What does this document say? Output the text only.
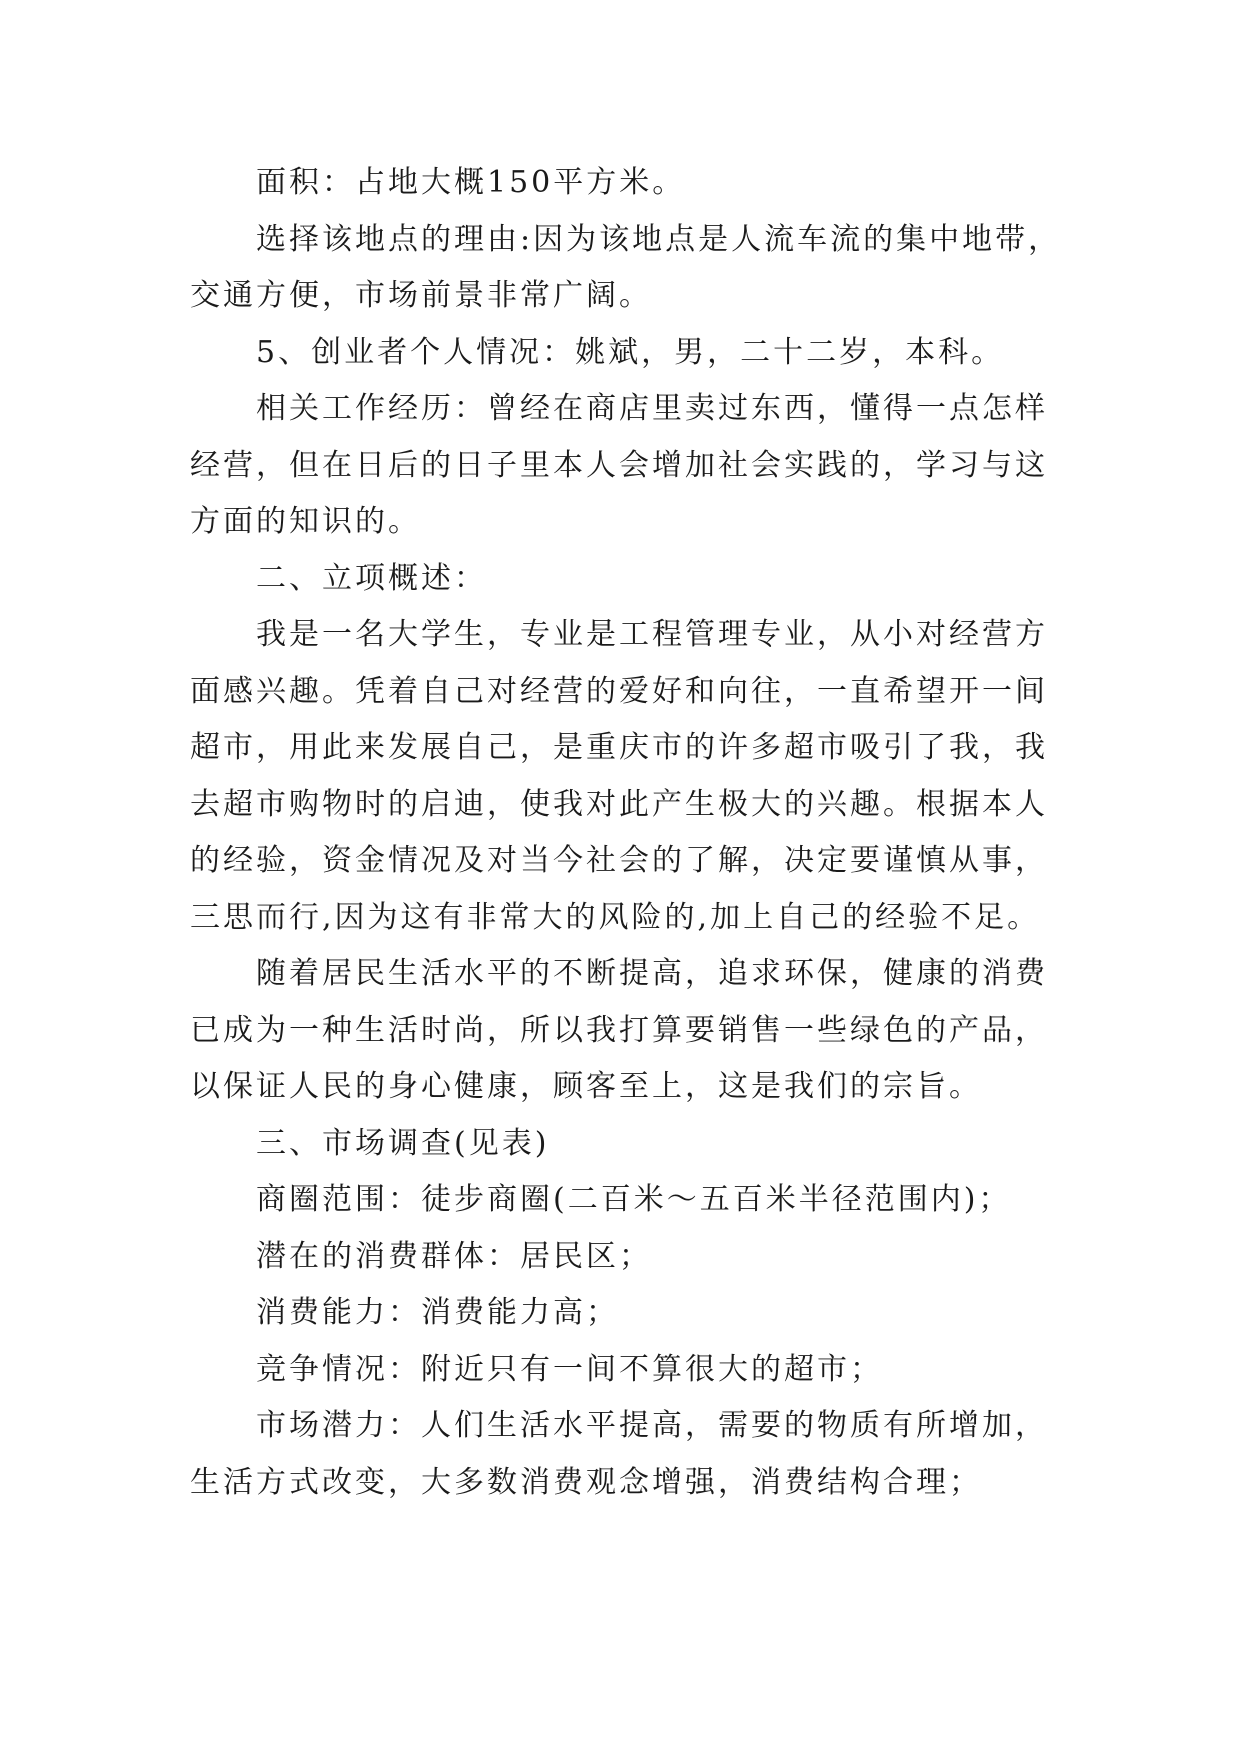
面积：占地大概150平方米。
选择该地点的理由:因为该地点是人流车流的集中地带，
交通方便，市场前景非常广阔。
5、创业者个人情况：姚斌，男，二十二岁，本科。
相关工作经历：曾经在商店里卖过东西，懂得一点怎样
经营，但在日后的日子里本人会增加社会实践的，学习与这
方面的知识的。
二、立项概述：
我是一名大学生，专业是工程管理专业，从小对经营方
面感兴趣。凭着自己对经营的爱好和向往，一直希望开一间
超市，用此来发展自己，是重庆市的许多超市吸引了我，我
去超市购物时的启迪，使我对此产生极大的兴趣。根据本人
的经验，资金情况及对当今社会的了解，决定要谨慎从事，
三思而行,因为这有非常大的风险的,加上自己的经验不足。
随着居民生活水平的不断提高，追求环保，健康的消费
已成为一种生活时尚，所以我打算要销售一些绿色的产品，
以保证人民的身心健康，顾客至上，这是我们的宗旨。
三、市场调查(见表)
商圈范围：徒步商圈(二百米～五百米半径范围内)；
潜在的消费群体：居民区；
消费能力：消费能力高；
竞争情况：附近只有一间不算很大的超市；
市场潜力：人们生活水平提高，需要的物质有所增加，
生活方式改变，大多数消费观念增强，消费结构合理；
